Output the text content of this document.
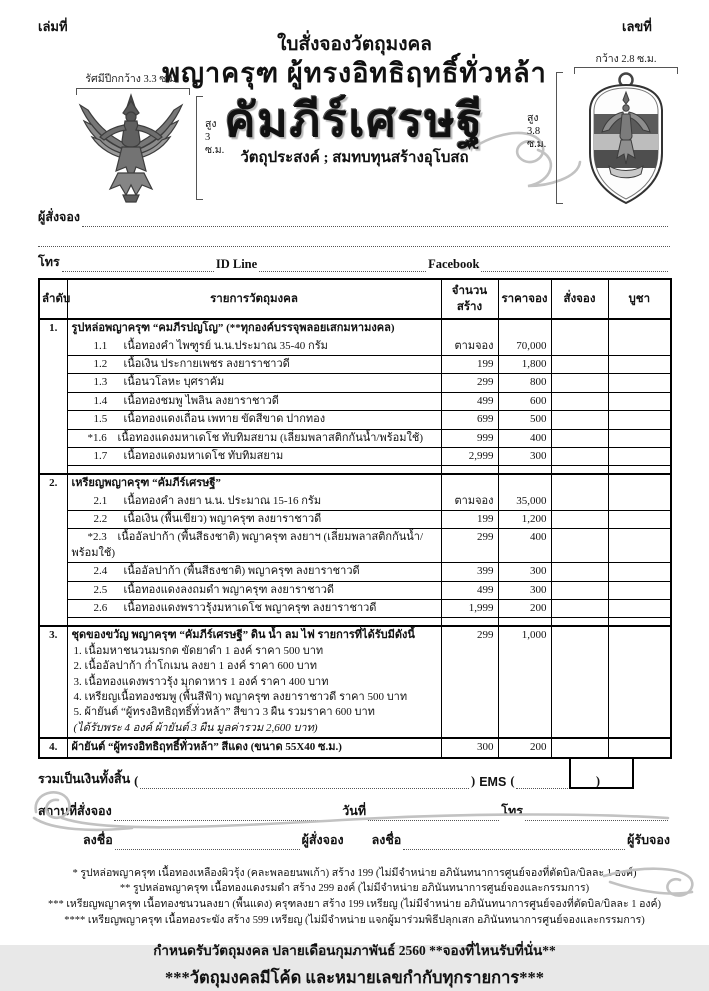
เล่มที่	เลขที่
ใบสั่งจองวัตถุมงคล
พญาครุฑ ผู้ทรงอิทธิฤทธิ์ทั่วหล้า
คัมภีร์เศรษฐี
วัตถุประสงค์ ; สมทบทุนสร้างอุโบสถ
รัศมีปีกกว้าง 3.3 ซ.ม.
สูง
3
ซ.ม.
กว้าง 2.8 ซ.ม.
สูง
3.8
ซ.ม.
ผู้สั่งจอง
โทร	ID Line	Facebook
ลำดับ	รายการวัตถุมงคล	จำนวนสร้าง	ราคาจอง	สั่งจอง	บูชา
1.	รูปหล่อพญาครุฑ “คมภีรปญโญ” (**ทุกองค์บรรจุพลอยเสกมหามงคล)				

	1.1 เนื้อทองคำ ไพฑูรย์ น.น.ประมาณ 35-40 กรัม	ตามจอง	70,000		
	1.2 เนื้อเงิน ประกายเพชร ลงยาราชาวดี	199	1,800		
	1.3 เนื้อนวโลหะ บุศราคัม	299	800		
	1.4 เนื้อทองชมพู ไพลิน ลงยาราชาวดี	499	600		
	1.5 เนื้อทองแดงเถื่อน เพทาย ขัดสีขาด ปากทอง	699	500		
	*1.6 เนื้อทองแดงมหาเดโช ทับทิมสยาม (เลี่ยมพลาสติกกันน้ำ/พร้อมใช้)	999	400		
	1.7 เนื้อทองแดงมหาเดโช ทับทิมสยาม	2,999	300		

2.	เหรียญพญาครุฑ “คัมภีร์เศรษฐี”				

	2.1 เนื้อทองคำ ลงยา น.น. ประมาณ 15-16 กรัม	ตามจอง	35,000		
	2.2 เนื้อเงิน (พื้นเขียว) พญาครุฑ ลงยาราชาวดี	199	1,200		
	*2.3 เนื้ออัลปาก้า (พื้นสีธงชาติ) พญาครุฑ ลงยาฯ (เลี่ยมพลาสติกกันน้ำ/พร้อมใช้)	299	400		
	2.4 เนื้ออัลปาก้า (พื้นสีธงชาติ) พญาครุฑ ลงยาราชาวดี	399	300		
	2.5 เนื้อทองแดงลงถมดำ พญาครุฑ ลงยาราชาวดี	499	300		
	2.6 เนื้อทองแดงพราวรุ้งมหาเดโช พญาครุฑ ลงยาราชาวดี	1,999	200		

3.	ชุดของขวัญ พญาครุฑ “คัมภีร์เศรษฐี” ดิน น้ำ ลม ไฟ รายการที่ได้รับมีดังนี้
1. เนื้อมหาชนวนมรกต ขัดยาดำ 1 องค์ ราคา 500 บาท
2. เนื้ออัลปาก้า ก่ำโกเมน ลงยา 1 องค์ ราคา 600 บาท
3. เนื้อทองแดงพราวรุ้ง มุกดาหาร 1 องค์ ราคา 400 บาท
4. เหรียญเนื้อทองชมพู (พื้นสีฟ้า) พญาครุฑ ลงยาราชาวดี ราคา 500 บาท
5. ผ้ายันต์ “ผู้ทรงอิทธิฤทธิ์ทั่วหล้า” สีขาว 3 ผืน รวมราคา 600 บาท
(ได้รับพระ 4 องค์ ผ้ายันต์ 3 ผืน มูลค่ารวม 2,600 บาท)
	299	1,000		
4.	ผ้ายันต์ “ผู้ทรงอิทธิฤทธิ์ทั่วหล้า” สีแดง (ขนาด 55X40 ซ.ม.)	300	200		
รวมเป็นเงินทั้งสิ้น (	) EMS (	)
สถานที่สั่งจอง	วันที่	โทร
ลงชื่อ	ผู้สั่งจอง ลงชื่อ	ผู้รับจอง
* รูปหล่อพญาครุฑ เนื้อทองเหลืองผิวรุ้ง (คละพลอยนพเก้า) สร้าง 199 (ไม่มีจำหน่าย อภินันทนาการศูนย์จองที่ตัดบิล/บิลละ 1 องค์)
** รูปหล่อพญาครุฑ เนื้อทองแดงรมดำ สร้าง 299 องค์ (ไม่มีจำหน่าย อภินันทนาการศูนย์จองและกรรมการ)
*** เหรียญพญาครุฑ เนื้อทองชนวนลงยา (พื้นแดง) ครุฑลงยา สร้าง 199 เหรียญ (ไม่มีจำหน่าย อภินันทนาการศูนย์จองที่ตัดบิล/บิลละ 1 องค์)
**** เหรียญพญาครุฑ เนื้อทองระฆัง สร้าง 599 เหรียญ (ไม่มีจำหน่าย แจกผู้มาร่วมพิธีปลุกเสก อภินันทนาการศูนย์จองและกรรมการ)
กำหนดรับวัตถุมงคล ปลายเดือนกุมภาพันธ์ 2560 **จองที่ไหนรับที่นั่น**
***วัตถุมงคลมีโค้ด และหมายเลขกำกับทุกรายการ***
